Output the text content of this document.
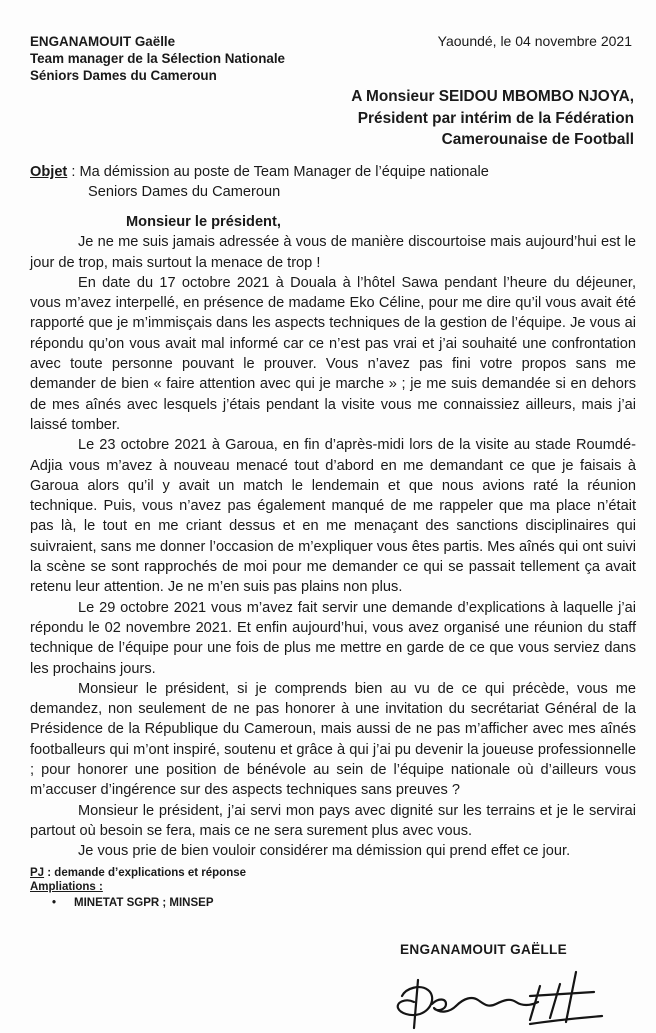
ENGANAMOUIT Gaëlle
Team manager de la Sélection Nationale
Séniors Dames du Cameroun
Yaoundé, le 04 novembre 2021
A Monsieur SEIDOU MBOMBO NJOYA,
Président par intérim de la Fédération
Camerounaise de Football
Objet : Ma démission au poste de Team Manager de l’équipe nationale
Seniors Dames du Cameroun

Monsieur le président,

Je ne me suis jamais adressée à vous de manière discourtoise mais aujourd’hui est le jour de trop, mais surtout la menace de trop !

En date du 17 octobre 2021 à Douala à l’hôtel Sawa pendant l’heure du déjeuner, vous m’avez interpellé, en présence de madame Eko Céline, pour me dire qu’il vous avait été rapporté que je m’immisçais dans les aspects techniques de la gestion de l’équipe. Je vous ai répondu qu’on vous avait mal informé car ce n’est pas vrai et j’ai souhaité une confrontation avec toute personne pouvant le prouver. Vous n’avez pas fini votre propos sans me demander de bien « faire attention avec qui je marche » ; je me suis demandée si en dehors de mes aînés avec lesquels j’étais pendant la visite vous me connaissiez ailleurs, mais j’ai laissé tomber.

Le 23 octobre 2021 à Garoua, en fin d’après-midi lors de la visite au stade Roumdé-Adjia vous m’avez à nouveau menacé tout d’abord en me demandant ce que je faisais à Garoua alors qu’il y avait un match le lendemain et que nous avions raté la réunion technique. Puis, vous n’avez pas également manqué de me rappeler que ma place n’était pas là, le tout en me criant dessus et en me menaçant des sanctions disciplinaires qui suivraient, sans me donner l’occasion de m’expliquer vous êtes partis. Mes aînés qui ont suivi la scène se sont rapprochés de moi pour me demander ce qui se passait tellement ça avait retenu leur attention. Je ne m’en suis pas plains non plus.

Le 29 octobre 2021 vous m’avez fait servir une demande d’explications à laquelle j’ai répondu le 02 novembre 2021. Et enfin aujourd’hui, vous avez organisé une réunion du staff technique de l’équipe pour une fois de plus me mettre en garde de ce que vous serviez dans les prochains jours.

Monsieur le président, si je comprends bien au vu de ce qui précède, vous me demandez, non seulement de ne pas honorer à une invitation du secrétariat Général de la Présidence de la République du Cameroun, mais aussi de ne pas m’afficher avec mes aînés footballeurs qui m’ont inspiré, soutenu et grâce à qui j’ai pu devenir la joueuse professionnelle ; pour honorer une position de bénévole au sein de l’équipe nationale où d’ailleurs vous m’accuser d’ingérence sur des aspects techniques sans preuves ?

Monsieur le président, j’ai servi mon pays avec dignité sur les terrains et je le servirai partout où besoin se fera, mais ce ne sera surement plus avec vous.

Je vous prie de bien vouloir considérer ma démission qui prend effet ce jour.

PJ : demande d’explications et réponse
Ampliations :
• MINETAT SGPR ; MINSEP
ENGANAMOUIT GAËLLE
